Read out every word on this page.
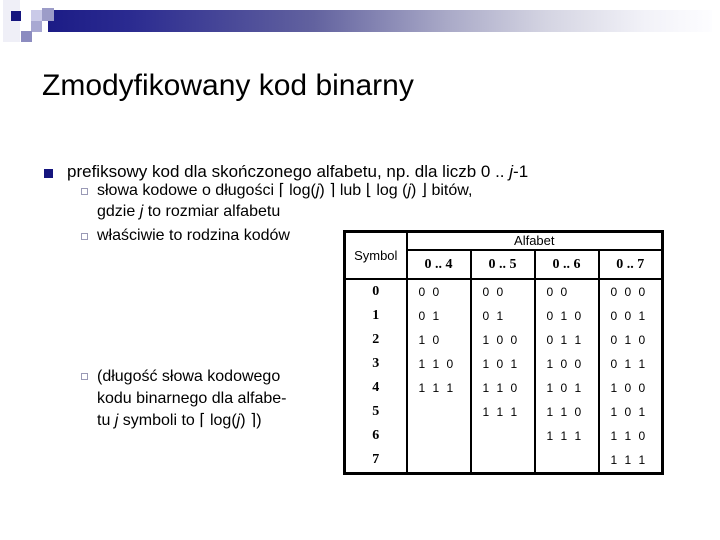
Zmodyfikowany kod binarny
prefiksowy kod dla skończonego alfabetu, np. dla liczb 0 .. j-1
słowa kodowe o długości ⌈ log(j) ⌉ lub ⌊ log (j) ⌋ bitów,
gdzie j to rozmiar alfabetu
właściwie to rodzina kodów
(długość słowa kodowego
kodu binarnego dla alfabe-
tu j symboli to ⌈ log(j) ⌉)
Symbol	Alfabet			
	0 .. 4	0 .. 5	0 .. 6	0 .. 7
0	0 0	0 0	0 0	0 0 0
1	0 1	0 1	0 1 0	0 0 1
2	1 0	1 0 0	0 1 1	0 1 0
3	1 1 0	1 0 1	1 0 0	0 1 1
4	1 1 1	1 1 0	1 0 1	1 0 0
5		1 1 1	1 1 0	1 0 1
6			1 1 1	1 1 0
7				1 1 1
